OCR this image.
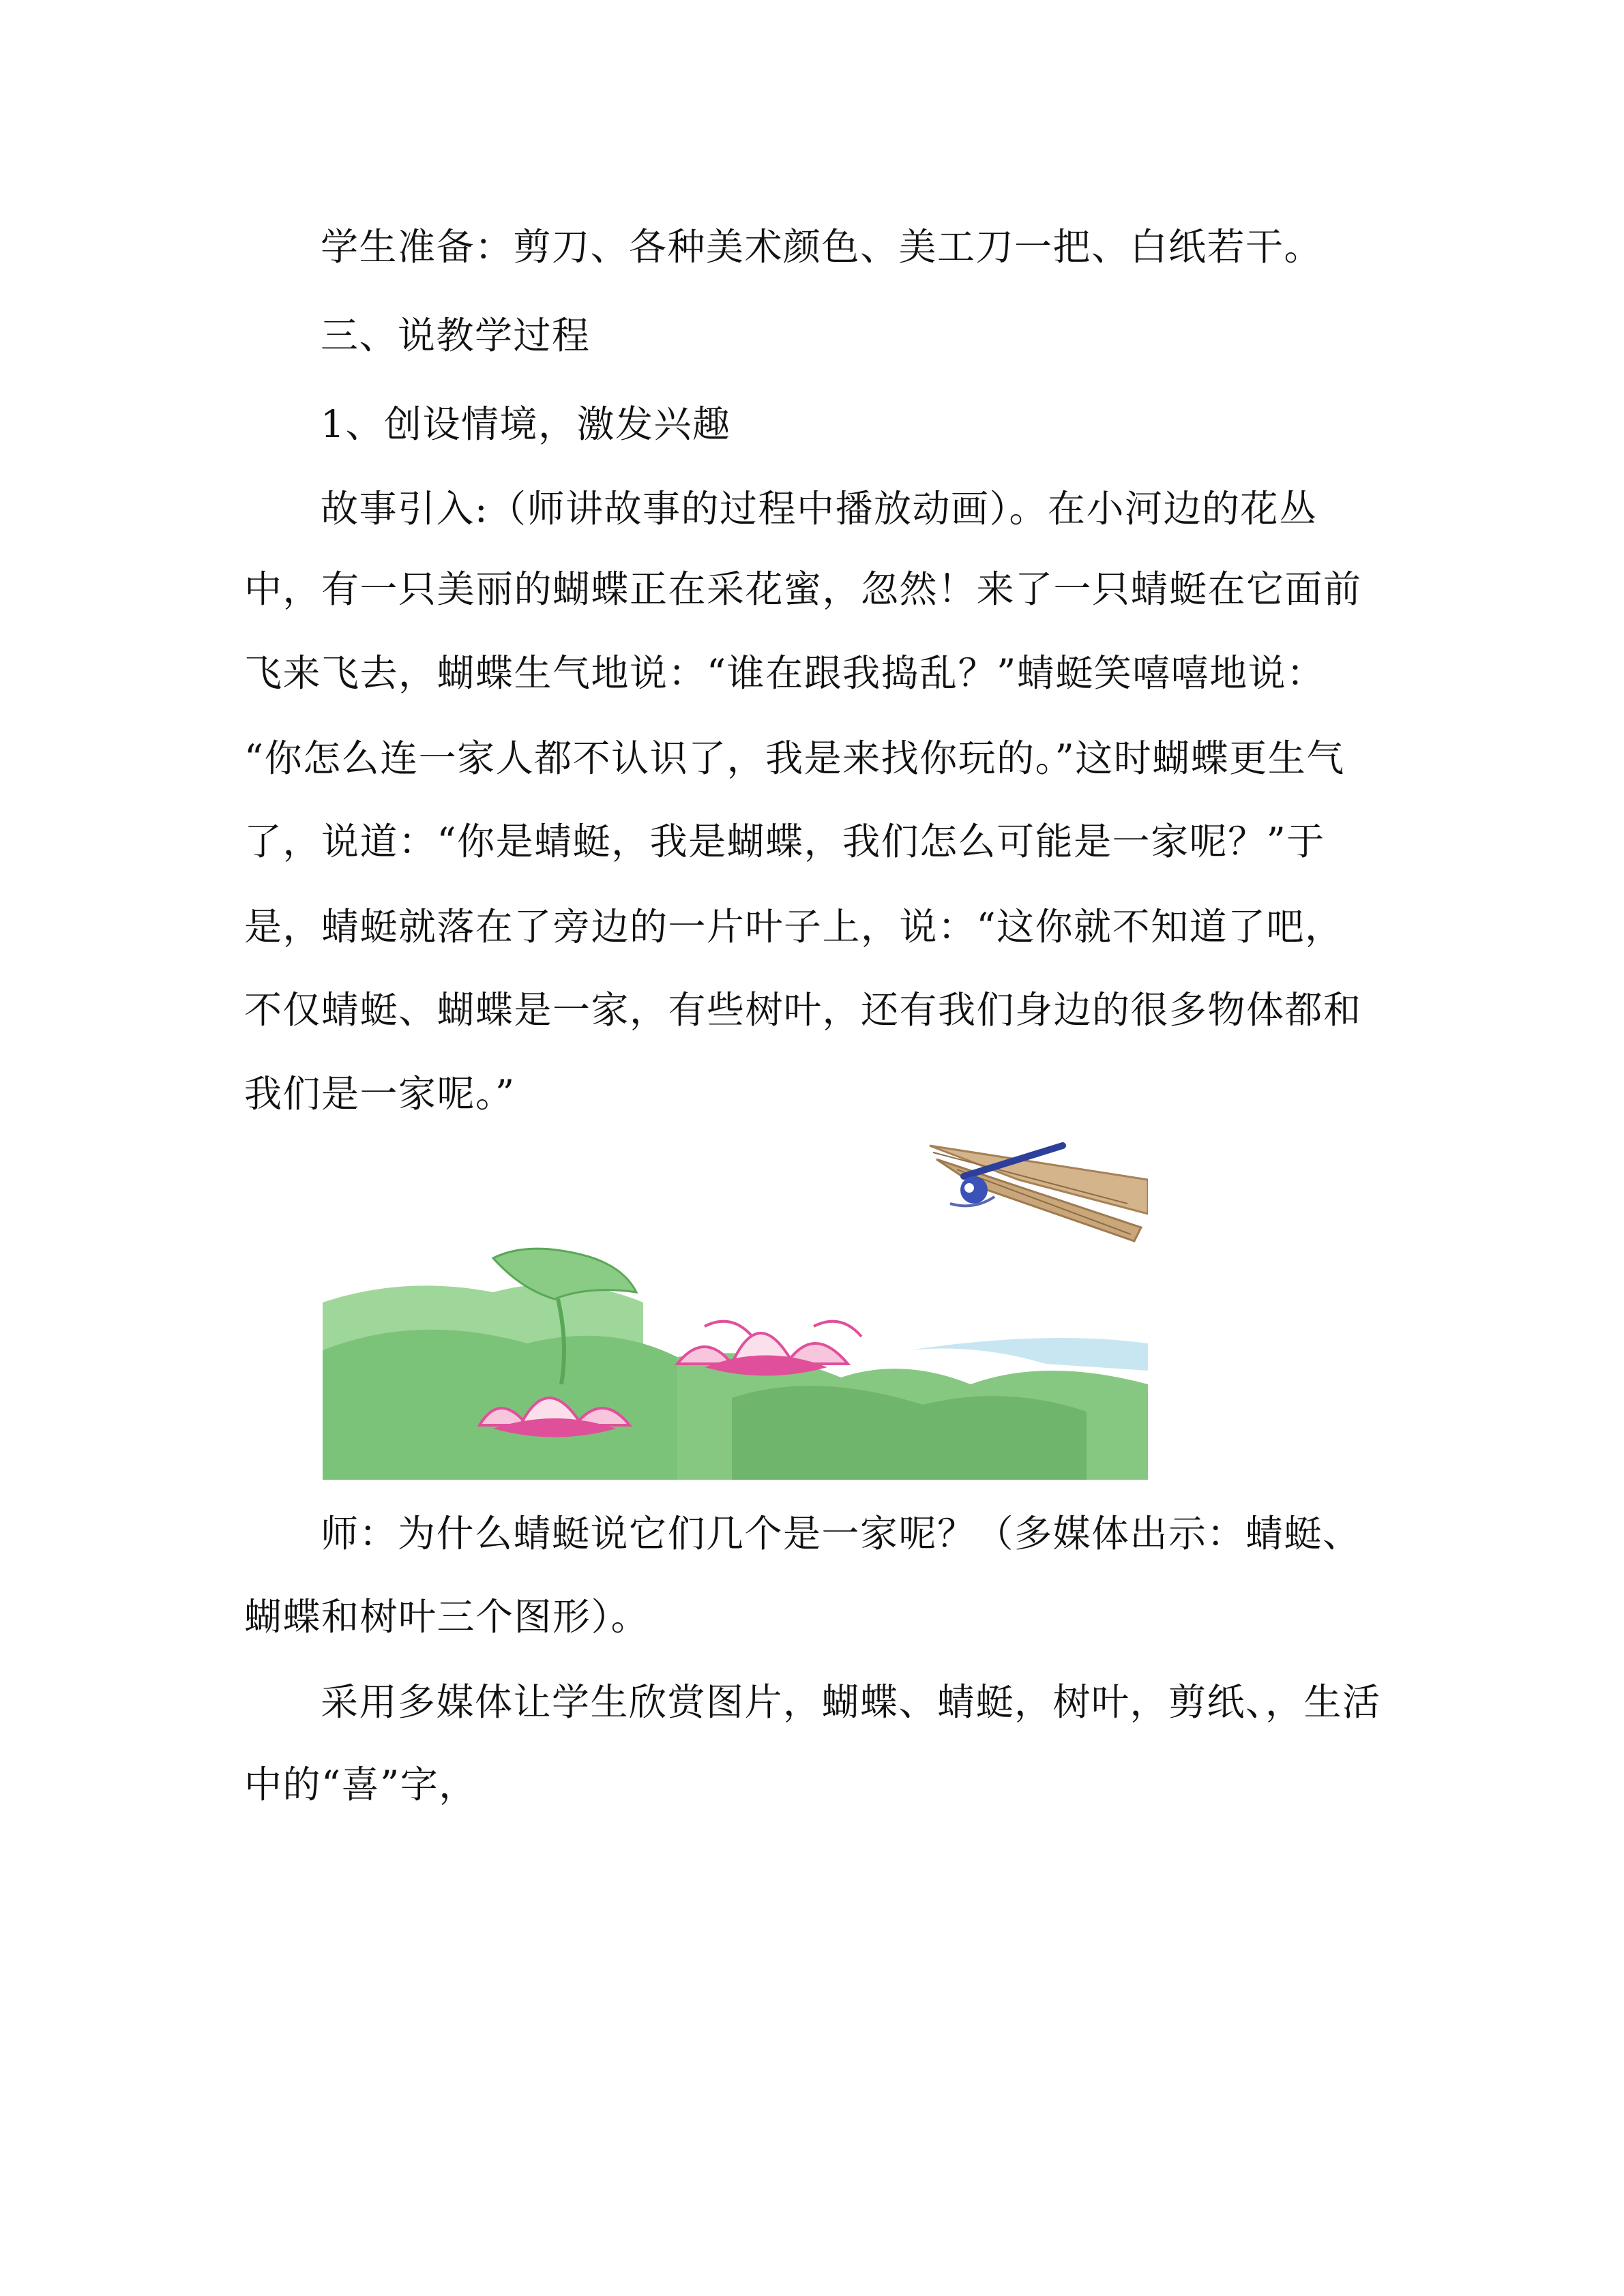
学生准备：剪刀、各种美术颜色、美工刀一把、白纸若干。
三、说教学过程
1、创设情境，激发兴趣
故事引入:（师讲故事的过程中播放动画）。在小河边的花丛
中，有一只美丽的蝴蝶正在采花蜜，忽然！来了一只蜻蜓在它面前
飞来飞去，蝴蝶生气地说：“谁在跟我捣乱？”蜻蜓笑嘻嘻地说：
“你怎么连一家人都不认识了，我是来找你玩的。”这时蝴蝶更生气
了，说道：“你是蜻蜓，我是蝴蝶，我们怎么可能是一家呢？”于
是，蜻蜓就落在了旁边的一片叶子上，说：“这你就不知道了吧，
不仅蜻蜓、蝴蝶是一家，有些树叶，还有我们身边的很多物体都和
我们是一家呢。”
师：为什么蜻蜓说它们几个是一家呢？（多媒体出示：蜻蜓、
蝴蝶和树叶三个图形）。
采用多媒体让学生欣赏图片，蝴蝶、蜻蜓，树叶，剪纸、，生活
中的“喜”字，
